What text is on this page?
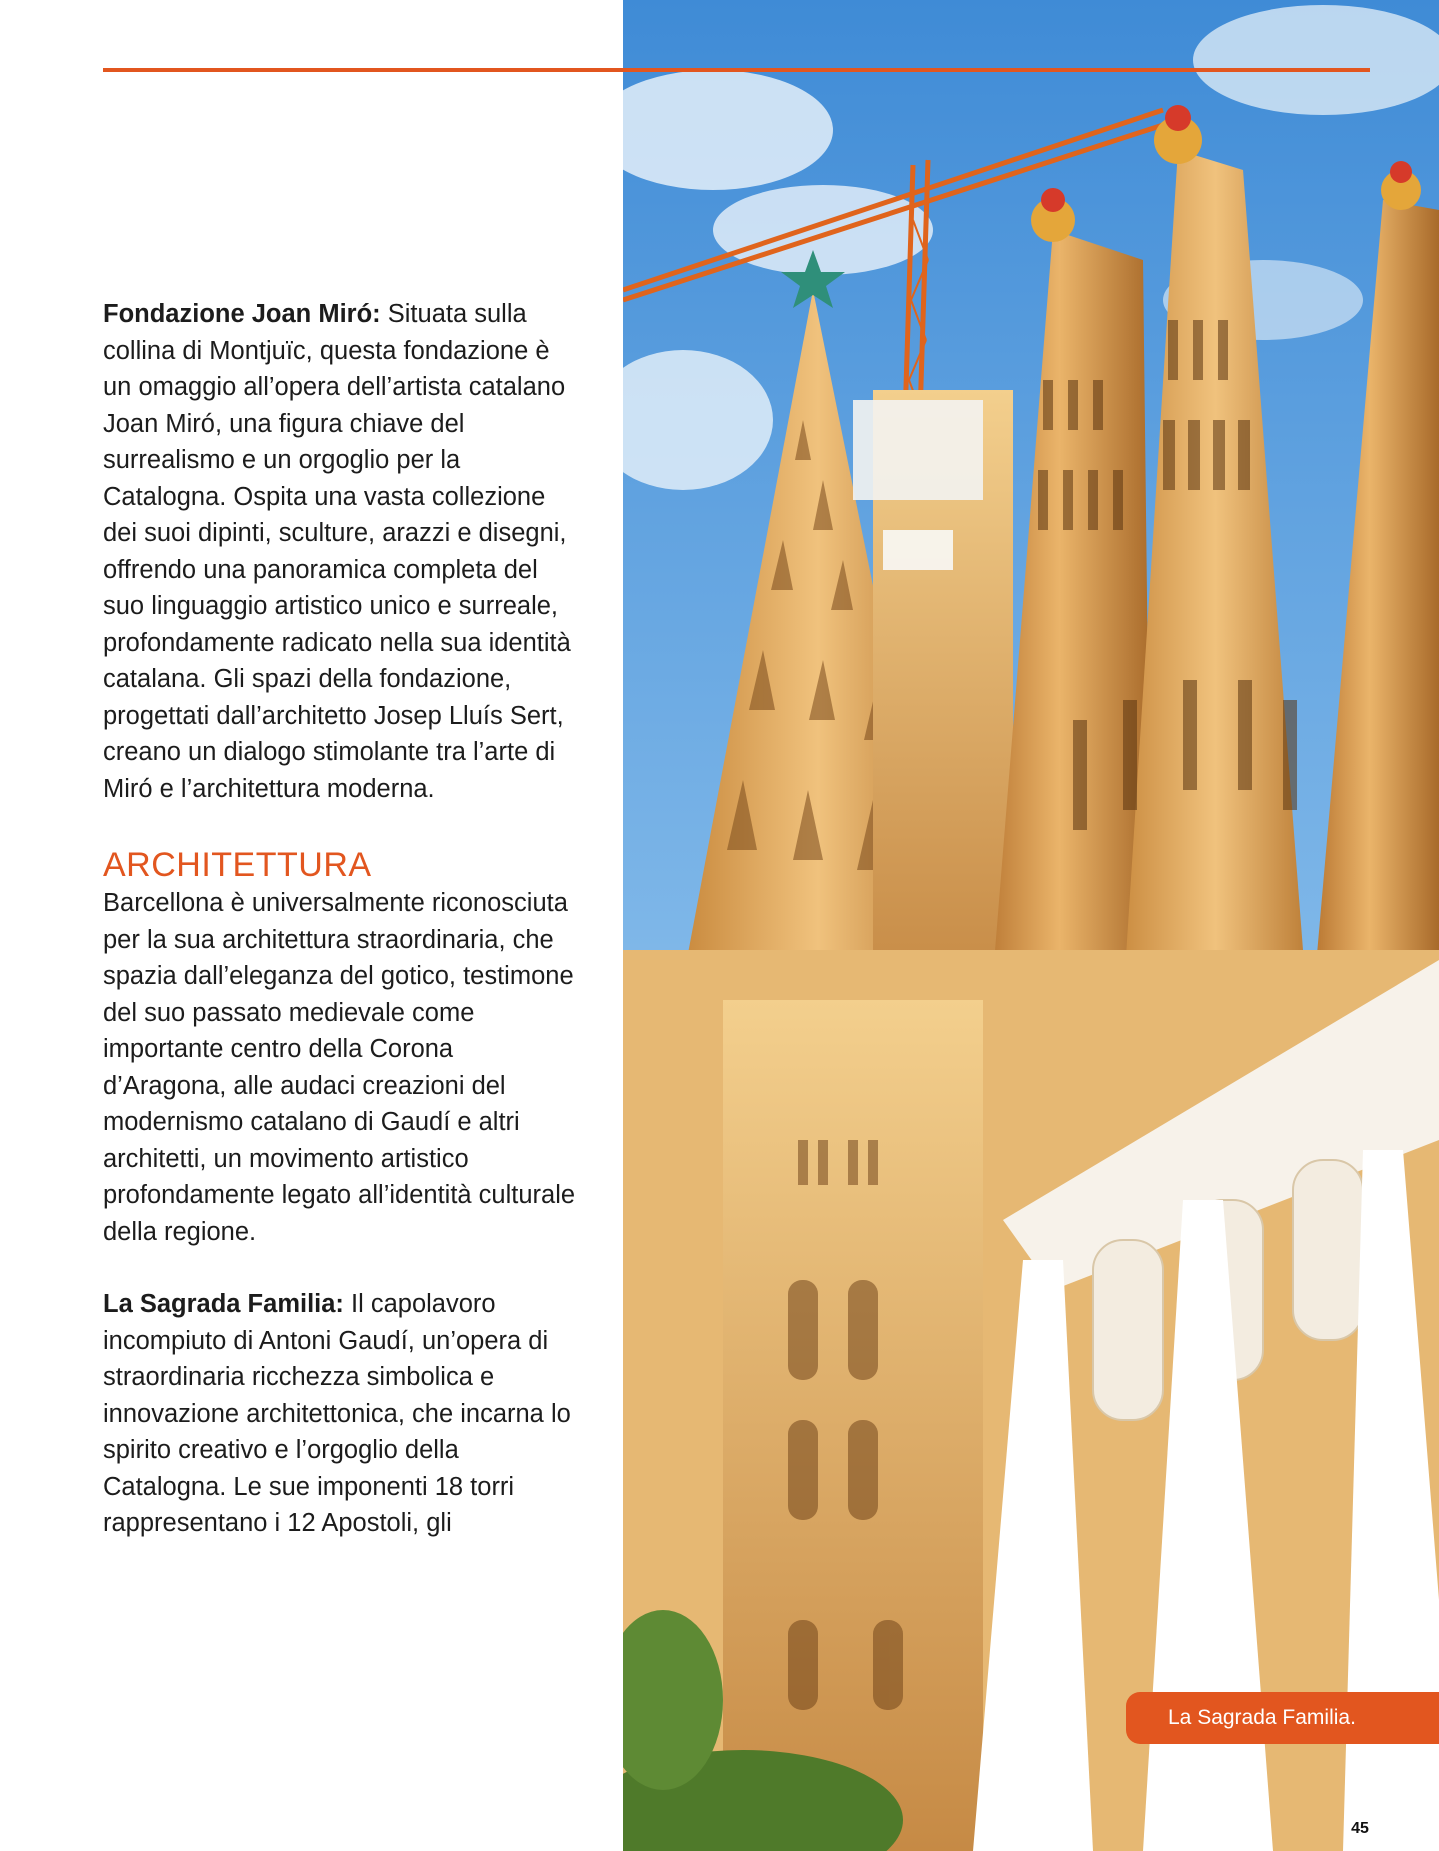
Fondazione Joan Miró: Situata sulla collina di Montjuïc, questa fondazione è un omaggio all’opera dell’artista catalano Joan Miró, una figura chiave del surrealismo e un orgoglio per la Catalogna. Ospita una vasta collezione dei suoi dipinti, sculture, arazzi e disegni, offrendo una panoramica completa del suo linguaggio artistico unico e surreale, profondamente radicato nella sua identità catalana. Gli spazi della fondazione, progettati dall’architetto Josep Lluís Sert, creano un dialogo stimolante tra l’arte di Miró e l’architettura moderna.

ARCHITETTURA

Barcellona è universalmente riconosciuta per la sua architettura straordinaria, che spazia dall’eleganza del gotico, testimone del suo passato medievale come importante centro della Corona d’Aragona, alle audaci creazioni del modernismo catalano di Gaudí e altri architetti, un movimento artistico profondamente legato all’identità culturale della regione.

La Sagrada Familia: Il capolavoro incompiuto di Antoni Gaudí, un’opera di straordinaria ricchezza simbolica e innovazione architettonica, che incarna lo spirito creativo e l’orgoglio della Catalogna. Le sue imponenti 18 torri rappresentano i 12 Apostoli, gli

La Sagrada Familia.
45
